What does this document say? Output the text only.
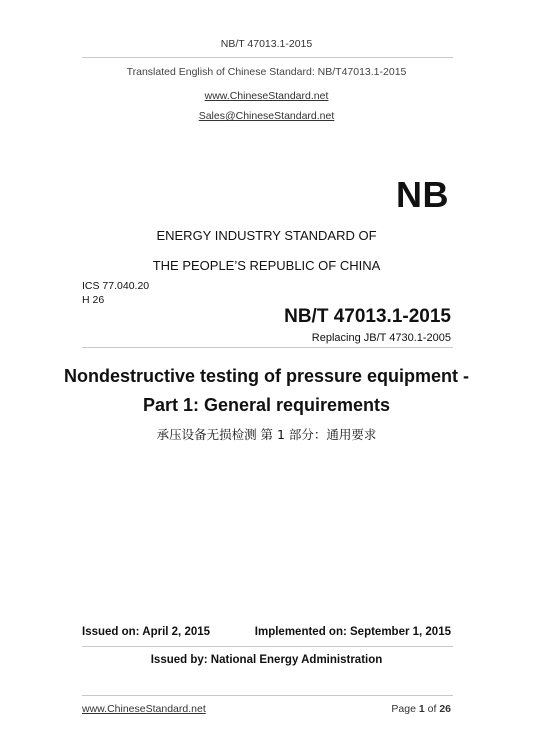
NB/T 47013.1-2015
Translated English of Chinese Standard: NB/T47013.1-2015
www.ChineseStandard.net
Sales@ChineseStandard.net
NB
ENERGY INDUSTRY STANDARD OF
THE PEOPLE’S REPUBLIC OF CHINA
ICS 77.040.20
H 26
NB/T 47013.1-2015
Replacing JB/T 4730.1-2005
Nondestructive testing of pressure equipment -
Part 1: General requirements
承压设备无损检测 第 1 部分：通用要求
Issued on: April 2, 2015	Implemented on: September 1, 2015
Issued by: National Energy Administration
www.ChineseStandard.net	Page 1 of 26
